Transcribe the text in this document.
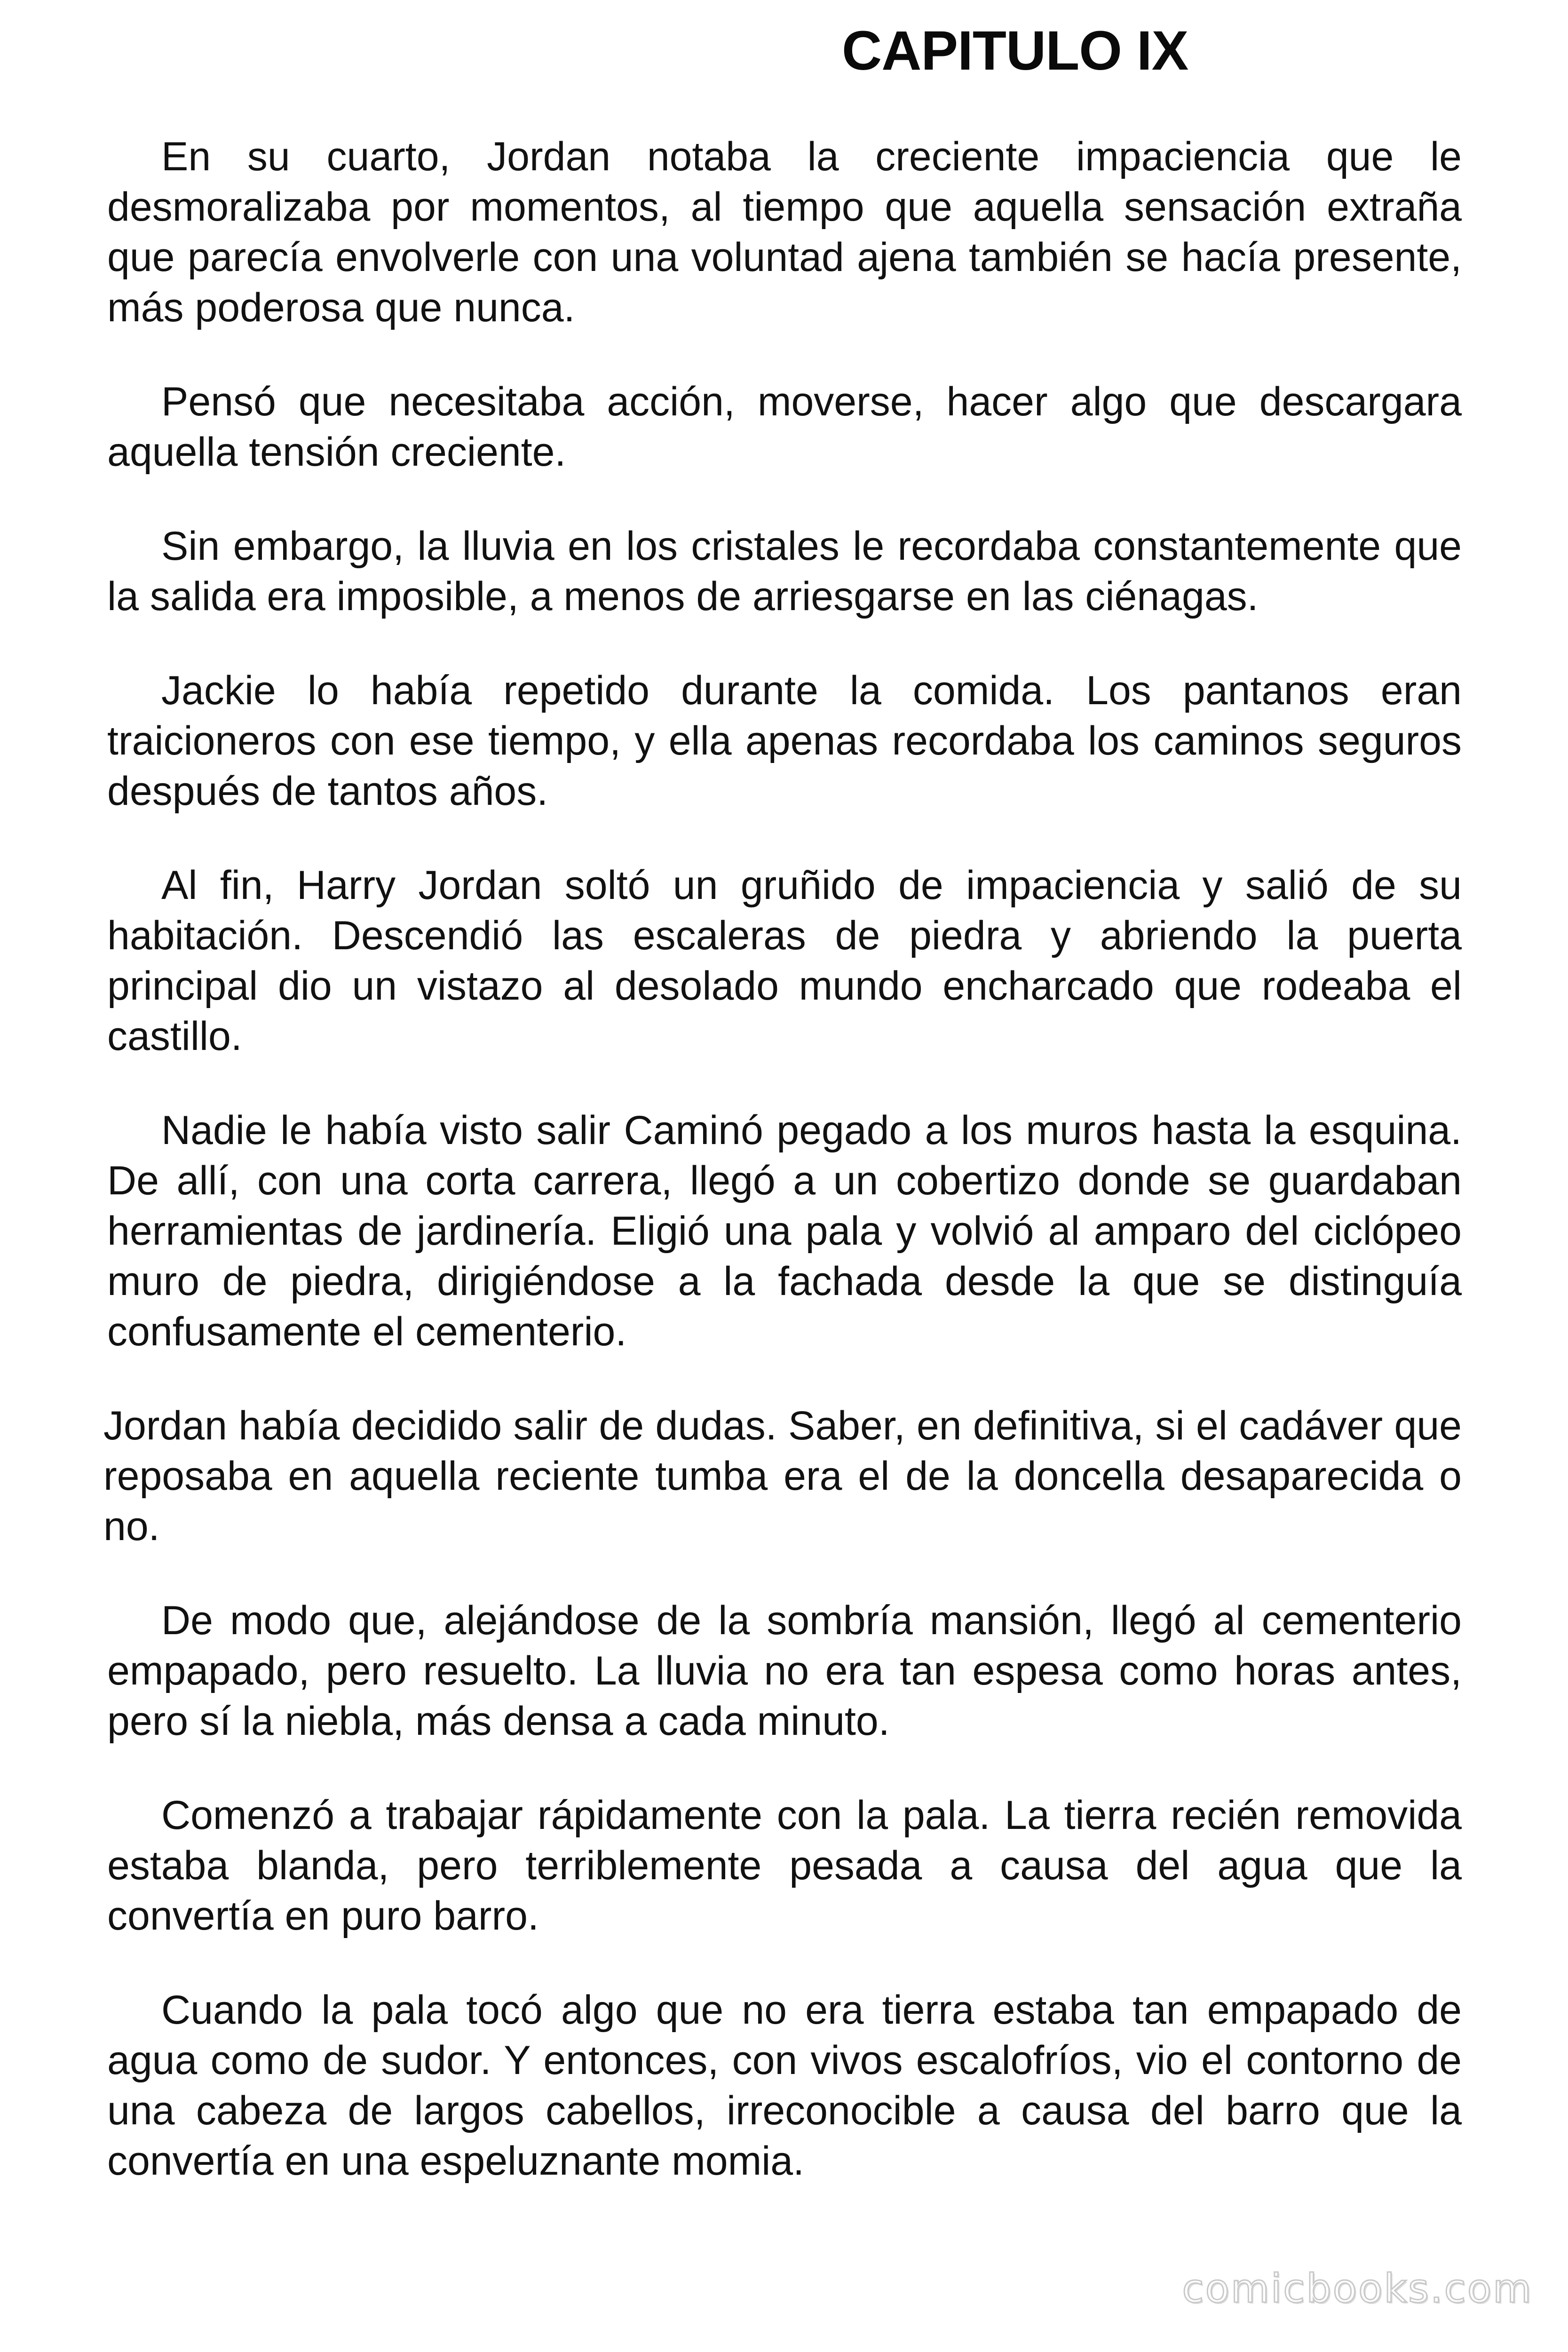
CAPITULO IX

En su cuarto, Jordan notaba la creciente impaciencia que le desmoralizaba por momentos, al tiempo que aquella sensación extraña que parecía envolverle con una voluntad ajena también se hacía presente, más poderosa que nunca.

Pensó que necesitaba acción, moverse, hacer algo que descargara aquella tensión creciente.

Sin embargo, la lluvia en los cristales le recordaba constantemente que la salida era imposible, a menos de arriesgarse en las ciénagas.

Jackie lo había repetido durante la comida. Los pantanos eran traicioneros con ese tiempo, y ella apenas recordaba los caminos seguros después de tantos años.

Al fin, Harry Jordan soltó un gruñido de impaciencia y salió de su habitación. Descendió las escaleras de piedra y abriendo la puerta principal dio un vistazo al desolado mundo encharcado que rodeaba el castillo.

Nadie le había visto salir Caminó pegado a los muros hasta la esquina. De allí, con una corta carrera, llegó a un cobertizo donde se guardaban herramientas de jardinería. Eligió una pala y volvió al amparo del ciclópeo muro de piedra, dirigiéndose a la fachada desde la que se distinguía confusamente el cementerio.

Jordan había decidido salir de dudas. Saber, en definitiva, si el cadáver que reposaba en aquella reciente tumba era el de la doncella desaparecida o no.

De modo que, alejándose de la sombría mansión, llegó al cementerio empapado, pero resuelto. La lluvia no era tan espesa como horas antes, pero sí la niebla, más densa a cada minuto.

Comenzó a trabajar rápidamente con la pala. La tierra recién removida estaba blanda, pero terriblemente pesada a causa del agua que la convertía en puro barro.

Cuando la pala tocó algo que no era tierra estaba tan empapado de agua como de sudor. Y entonces, con vivos escalofríos, vio el contorno de una cabeza de largos cabellos, irreconocible a causa del barro que la convertía en una espeluznante momia.

comicbooks.com
